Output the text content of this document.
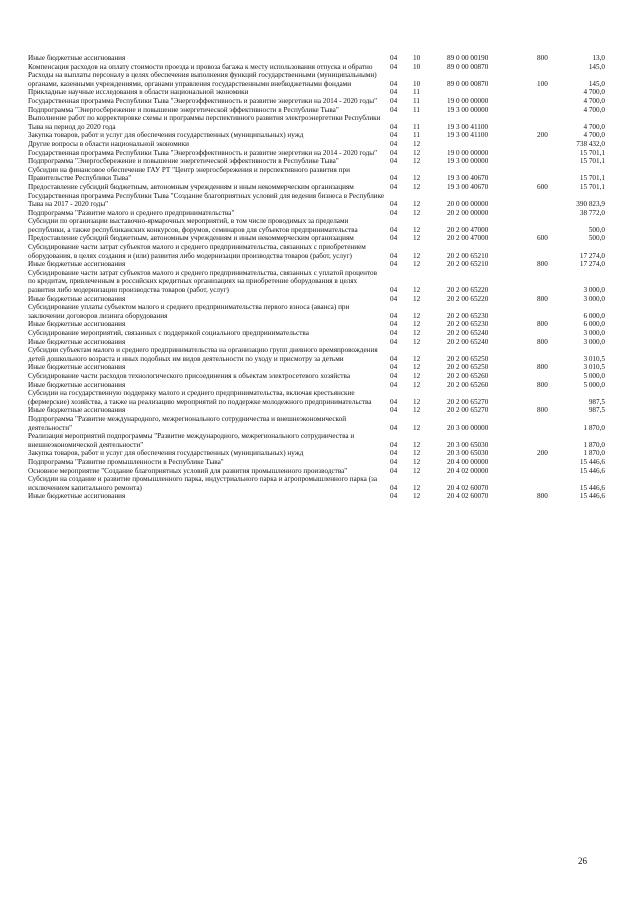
Иные бюджетные ассигнования	04	10	89 0 00 00190	800	13,0
Компенсация расходов на оплату стоимости проезда и провоза багажа к месту использования отпуска и обратно	04	10	89 0 00 00870	145,0
Расходы на выплаты персоналу в целях обеспечения выполнения функций государственными (муниципальными) органами, казенными учреждениями, органами управления государственными внебюджетными фондами	04	10	89 0 00 00870	100	145,0
Прикладные научные исследования в области национальной экономики	04	11	4 700,0
Государственная программа Республики Тыва "Энергоэффективность и развитие энергетики на 2014 - 2020 годы"	04	11	19 0 00 00000	4 700,0
Подпрограмма "Энергосбережение и повышение энергетической эффективности в Республике Тыва"	04	11	19 3 00 00000	4 700,0
Выполнение работ по корректировке схемы и программы перспективного развития электроэнергетики Республики Тыва на период до 2020 года	04	11	19 3 00 41100	4 700,0
Закупка товаров, работ и услуг для обеспечения государственных (муниципальных) нужд	04	11	19 3 00 41100	200	4 700,0
Другие вопросы в области национальной экономики	04	12	738 432,0
Государственная программа Республики Тыва "Энергоэффективность и развитие энергетики на 2014 - 2020 годы"	04	12	19 0 00 00000	15 701,1
Подпрограмма "Энергосбережение и повышение энергетической эффективности в Республике Тыва"	04	12	19 3 00 00000	15 701,1
Субсидии на финансовое обеспечение ГАУ РТ "Центр энергосбережения и перспективного развития при Правительстве Республики Тыва"	04	12	19 3 00 40670	15 701,1
Предоставление субсидий бюджетным, автономным учреждениям и иным некоммерческим организациям	04	12	19 3 00 40670	600	15 701,1
Государственная программа Республики Тыва "Создание благоприятных условий для ведения бизнеса в Республике Тыва на 2017 - 2020 годы"	04	12	20 0 00 00000	390 823,9
Подпрограмма "Развитие малого и среднего предпринимательства"	04	12	20 2 00 00000	38 772,0
Субсидии по организации выставочно-ярмарочных мероприятий, в том числе проводимых за пределами республики, а также республиканских конкурсов, форумов, семинаров для субъектов предпринимательства	04	12	20 2 00 47000	500,0
Предоставление субсидий бюджетным, автономным учреждениям и иным некоммерческим организациям	04	12	20 2 00 47000	600	500,0
Субсидирование части затрат субъектов малого и среднего предпринимательства, связанных с приобретением оборудования, в целях создания и (или) развития либо модернизации производства товаров (работ, услуг)	04	12	20 2 00 65210	17 274,0
Иные бюджетные ассигнования	04	12	20 2 00 65210	800	17 274,0
Субсидирование части затрат субъектов малого и среднего предпринимательства, связанных с уплатой процентов по кредитам, привлеченным в российских кредитных организациях на приобретение оборудования в целях развития либо модернизации производства товаров (работ, услуг)	04	12	20 2 00 65220	3 000,0
Иные бюджетные ассигнования	04	12	20 2 00 65220	800	3 000,0
Субсидирование уплаты субъектом малого и среднего предпринимательства первого взноса (аванса) при заключении договоров лизинга оборудования	04	12	20 2 00 65230	6 000,0
Иные бюджетные ассигнования	04	12	20 2 00 65230	800	6 000,0
Субсидирование мероприятий, связанных с поддержкой социального предпринимательства	04	12	20 2 00 65240	3 000,0
Иные бюджетные ассигнования	04	12	20 2 00 65240	800	3 000,0
Субсидии субъектам малого и среднего предпринимательства на организацию групп дневного времяпровождения детей дошкольного возраста и иных подобных им видов деятельности по уходу и присмотру за детьми	04	12	20 2 00 65250	3 010,5
Иные бюджетные ассигнования	04	12	20 2 00 65250	800	3 010,5
Субсидирование части расходов технологического присоединения к объектам электросетевого хозяйства	04	12	20 2 00 65260	5 000,0
Иные бюджетные ассигнования	04	12	20 2 00 65260	800	5 000,0
Субсидии на государственную поддержку малого и среднего предпринимательства, включая крестьянские (фермерские) хозяйства, а также на реализацию мероприятий по поддержке молодежного предпринимательства	04	12	20 2 00 65270	987,5
Иные бюджетные ассигнования	04	12	20 2 00 65270	800	987,5
Подпрограмма "Развитие международного, межрегионального сотрудничества и внешнеэкономической деятельности"	04	12	20 3 00 00000	1 870,0
Реализация мероприятий подпрограммы "Развитие международного, межрегионального сотрудничества и внешнеэкономической деятельности"	04	12	20 3 00 65030	1 870,0
Закупка товаров, работ и услуг для обеспечения государственных (муниципальных) нужд	04	12	20 3 00 65030	200	1 870,0
Подпрограмма "Развитие промышленности в Республике Тыва"	04	12	20 4 00 00000	15 446,6
Основное мероприятие "Создание благоприятных условий для развития промышленного производства"	04	12	20 4 02 00000	15 446,6
Субсидии на создание и развитие промышленного парка, индустриального парка и агропромышленного парка (за исключением капитального ремонта)	04	12	20 4 02 60070	15 446,6
Иные бюджетные ассигнования	04	12	20 4 02 60070	800	15 446,6
26
